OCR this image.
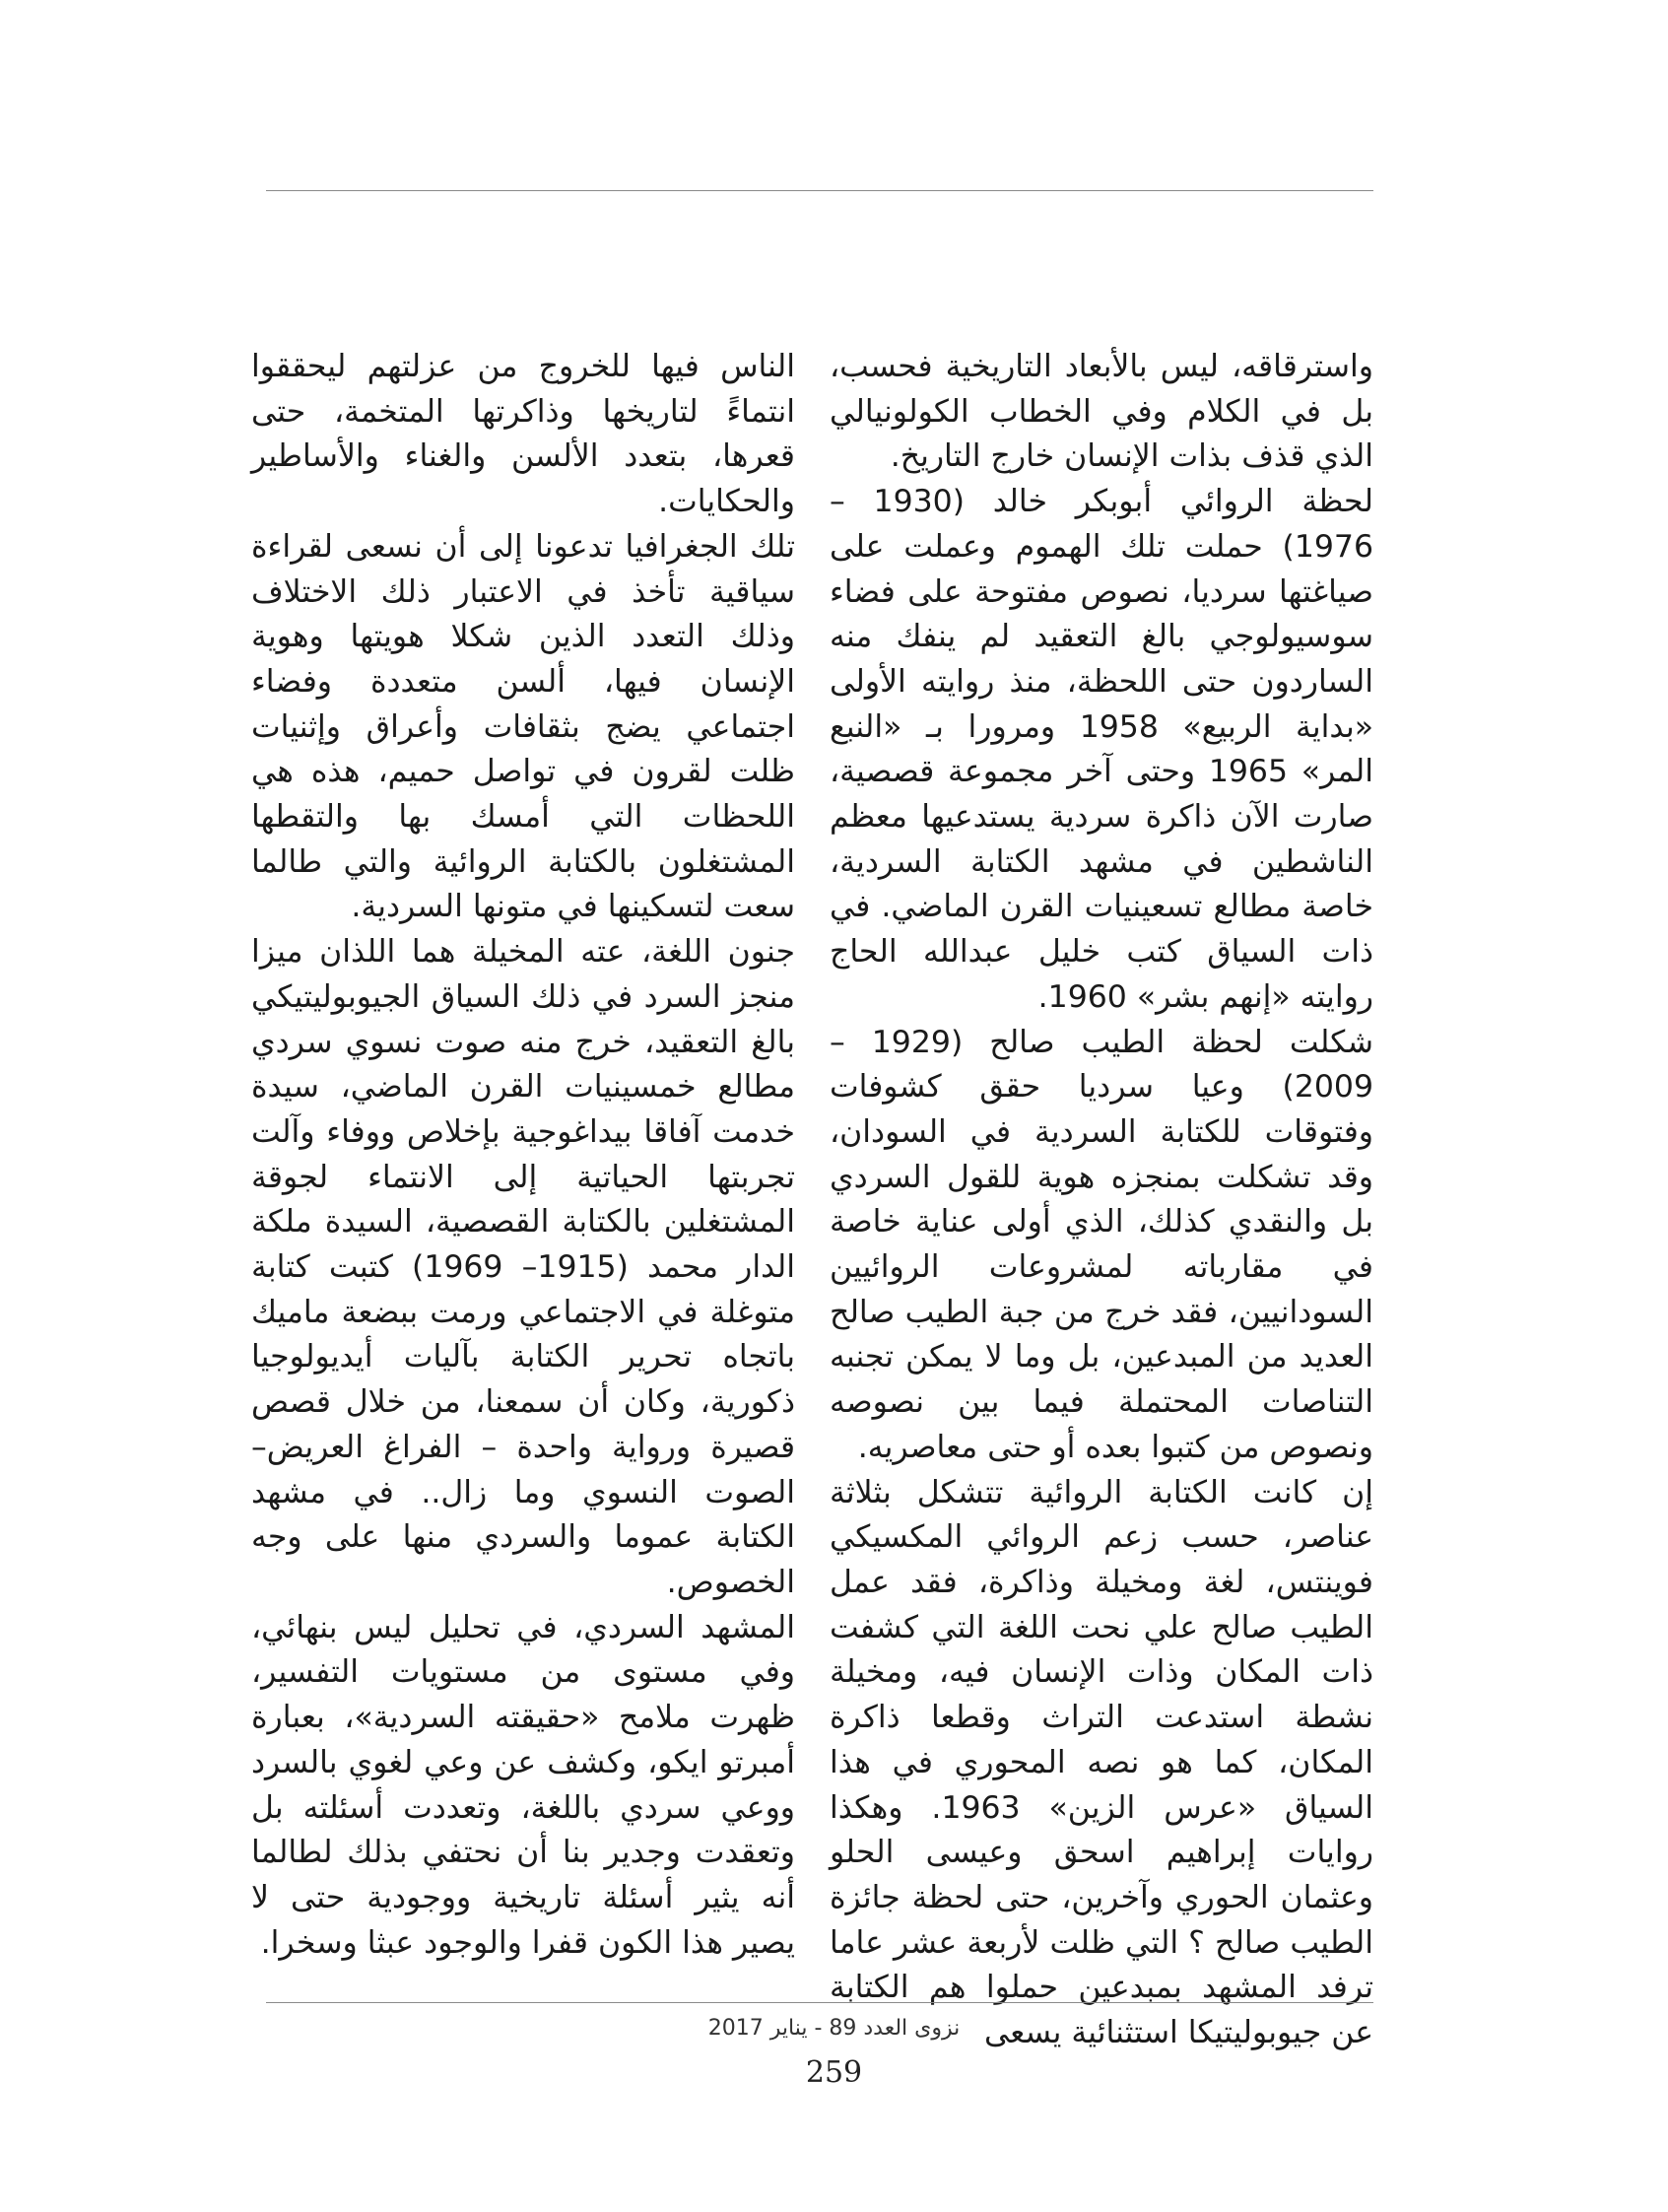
واستر‌قاقه، ليس بالأبعاد التاريخية فحسب، بل في الكلام وفي الخطاب الكولونيالي الذي قذف بذات الإنسان خارج التاريخ.

لحظة الروائي أبوبكر خالد (1930 – 1976) حملت تلك الهموم وعملت على صياغتها سرديا، نصوص مفتوحة على فضاء سوسيولوجي بالغ التعقيد لم ينفك منه الساردون حتى اللحظة، منذ روايته الأولى «بداية الربيع» 1958 ومرورا بـ «النبع المر» 1965 وحتى آخر مجموعة قصصية، صارت الآن ذاكرة سردية يستدعيها معظم الناشطين في مشهد الكتابة السردية، خاصة مطالع تسعينيات القرن الماضي. في ذات السياق كتب خليل عبدالله الحاج روايته «إنهم بشر» 1960.

شكلت لحظة الطيب صالح (1929 – 2009) وعيا سرديا حقق كشوفات وفتوقات للكتابة السردية في السودان، وقد تشكلت بمنجزه هوية للقول السردي بل والنقدي كذلك، الذي أولى عناية خاصة في مقارباته لمشروعات الروائيين السودانيين، فقد خرج من جبة الطيب صالح العديد من المبدعين، بل وما لا يمكن تجنبه التناصات المحتملة فيما بين نصوصه ونصوص من كتبوا بعده أو حتى معاصريه.

إن كانت الكتابة الروائية تتشكل بثلاثة عناصر، حسب زعم الروائي المكسيكي فوينتس، لغة ومخيلة وذاكرة، فقد عمل الطيب صالح علي نحت اللغة التي كشفت ذات المكان وذات الإنسان فيه، ومخيلة نشطة استدعت التراث وقطعا ذاكرة المكان، كما هو نصه المحوري في هذا السياق «عرس الزين» 1963. وهكذا روايات إبراهيم اسحق وعيسى الحلو وعثمان الحوري وآخرين، حتى لحظة جائزة الطيب صالح ؟ التي ظلت لأربعة عشر عاما ترفد المشهد بمبدعين حملوا هم الكتابة عن جيوبوليتيكا استثنائية يسعى

الناس فيها للخروج من عزلتهم ليحققوا انتماءً لتاريخها وذاكرتها المتخمة، حتى قعرها، بتعدد الألسن والغناء والأساطير والحكايات.

تلك الجغرافيا تدعونا إلى أن نسعى لقراءة سياقية تأخذ في الاعتبار ذلك الاختلاف وذلك التعدد الذين شكلا هويتها وهوية الإنسان فيها، ألسن متعددة وفضاء اجتماعي يضج بثقافات وأعراق وإثنيات ظلت لقرون في تواصل حميم، هذه هي اللحظات التي أمسك بها والتقطها المشتغلون بالكتابة الروائية والتي طالما سعت لتسكينها في متونها السردية.

جنون اللغة، عته المخيلة هما اللذان ميزا منجز السرد في ذلك السياق الجيوبوليتيكي بالغ التعقيد، خرج منه صوت نسوي سردي مطالع خمسينيات القرن الماضي، سيدة خدمت آفاقا بيداغوجية بإخلاص ووفاء وآلت تجربتها الحياتية إلى الانتماء لجوقة المشتغلين بالكتابة القصصية، السيدة ملكة الدار محمد (1915– 1969) كتبت كتابة متوغلة في الاجتماعي ورمت ببضعة ماميك باتجاه تحرير الكتابة بآليات أيديولوجيا ذكورية، وكان أن سمعنا، من خلال قصص قصيرة ورواية واحدة – الفراغ العريض– الصوت النسوي وما زال.. في مشهد الكتابة عموما والسردي منها على وجه الخصوص.

المشهد السردي، في تحليل ليس بنهائي، وفي مستوى من مستويات التفسير، ظهرت ملامح «حقيقته السردية»، بعبارة أمبرتو ايكو، وكشف عن وعي لغوي بالسرد ووعي سردي باللغة، وتعددت أسئلته بل وتعقدت وجدير بنا أن نحتفي بذلك لطالما أنه يثير أسئلة تاريخية ووجودية حتى لا يصير هذا الكون قفرا والوجود عبثا وسخرا.

نزوى العدد 89 - يناير 2017
259
